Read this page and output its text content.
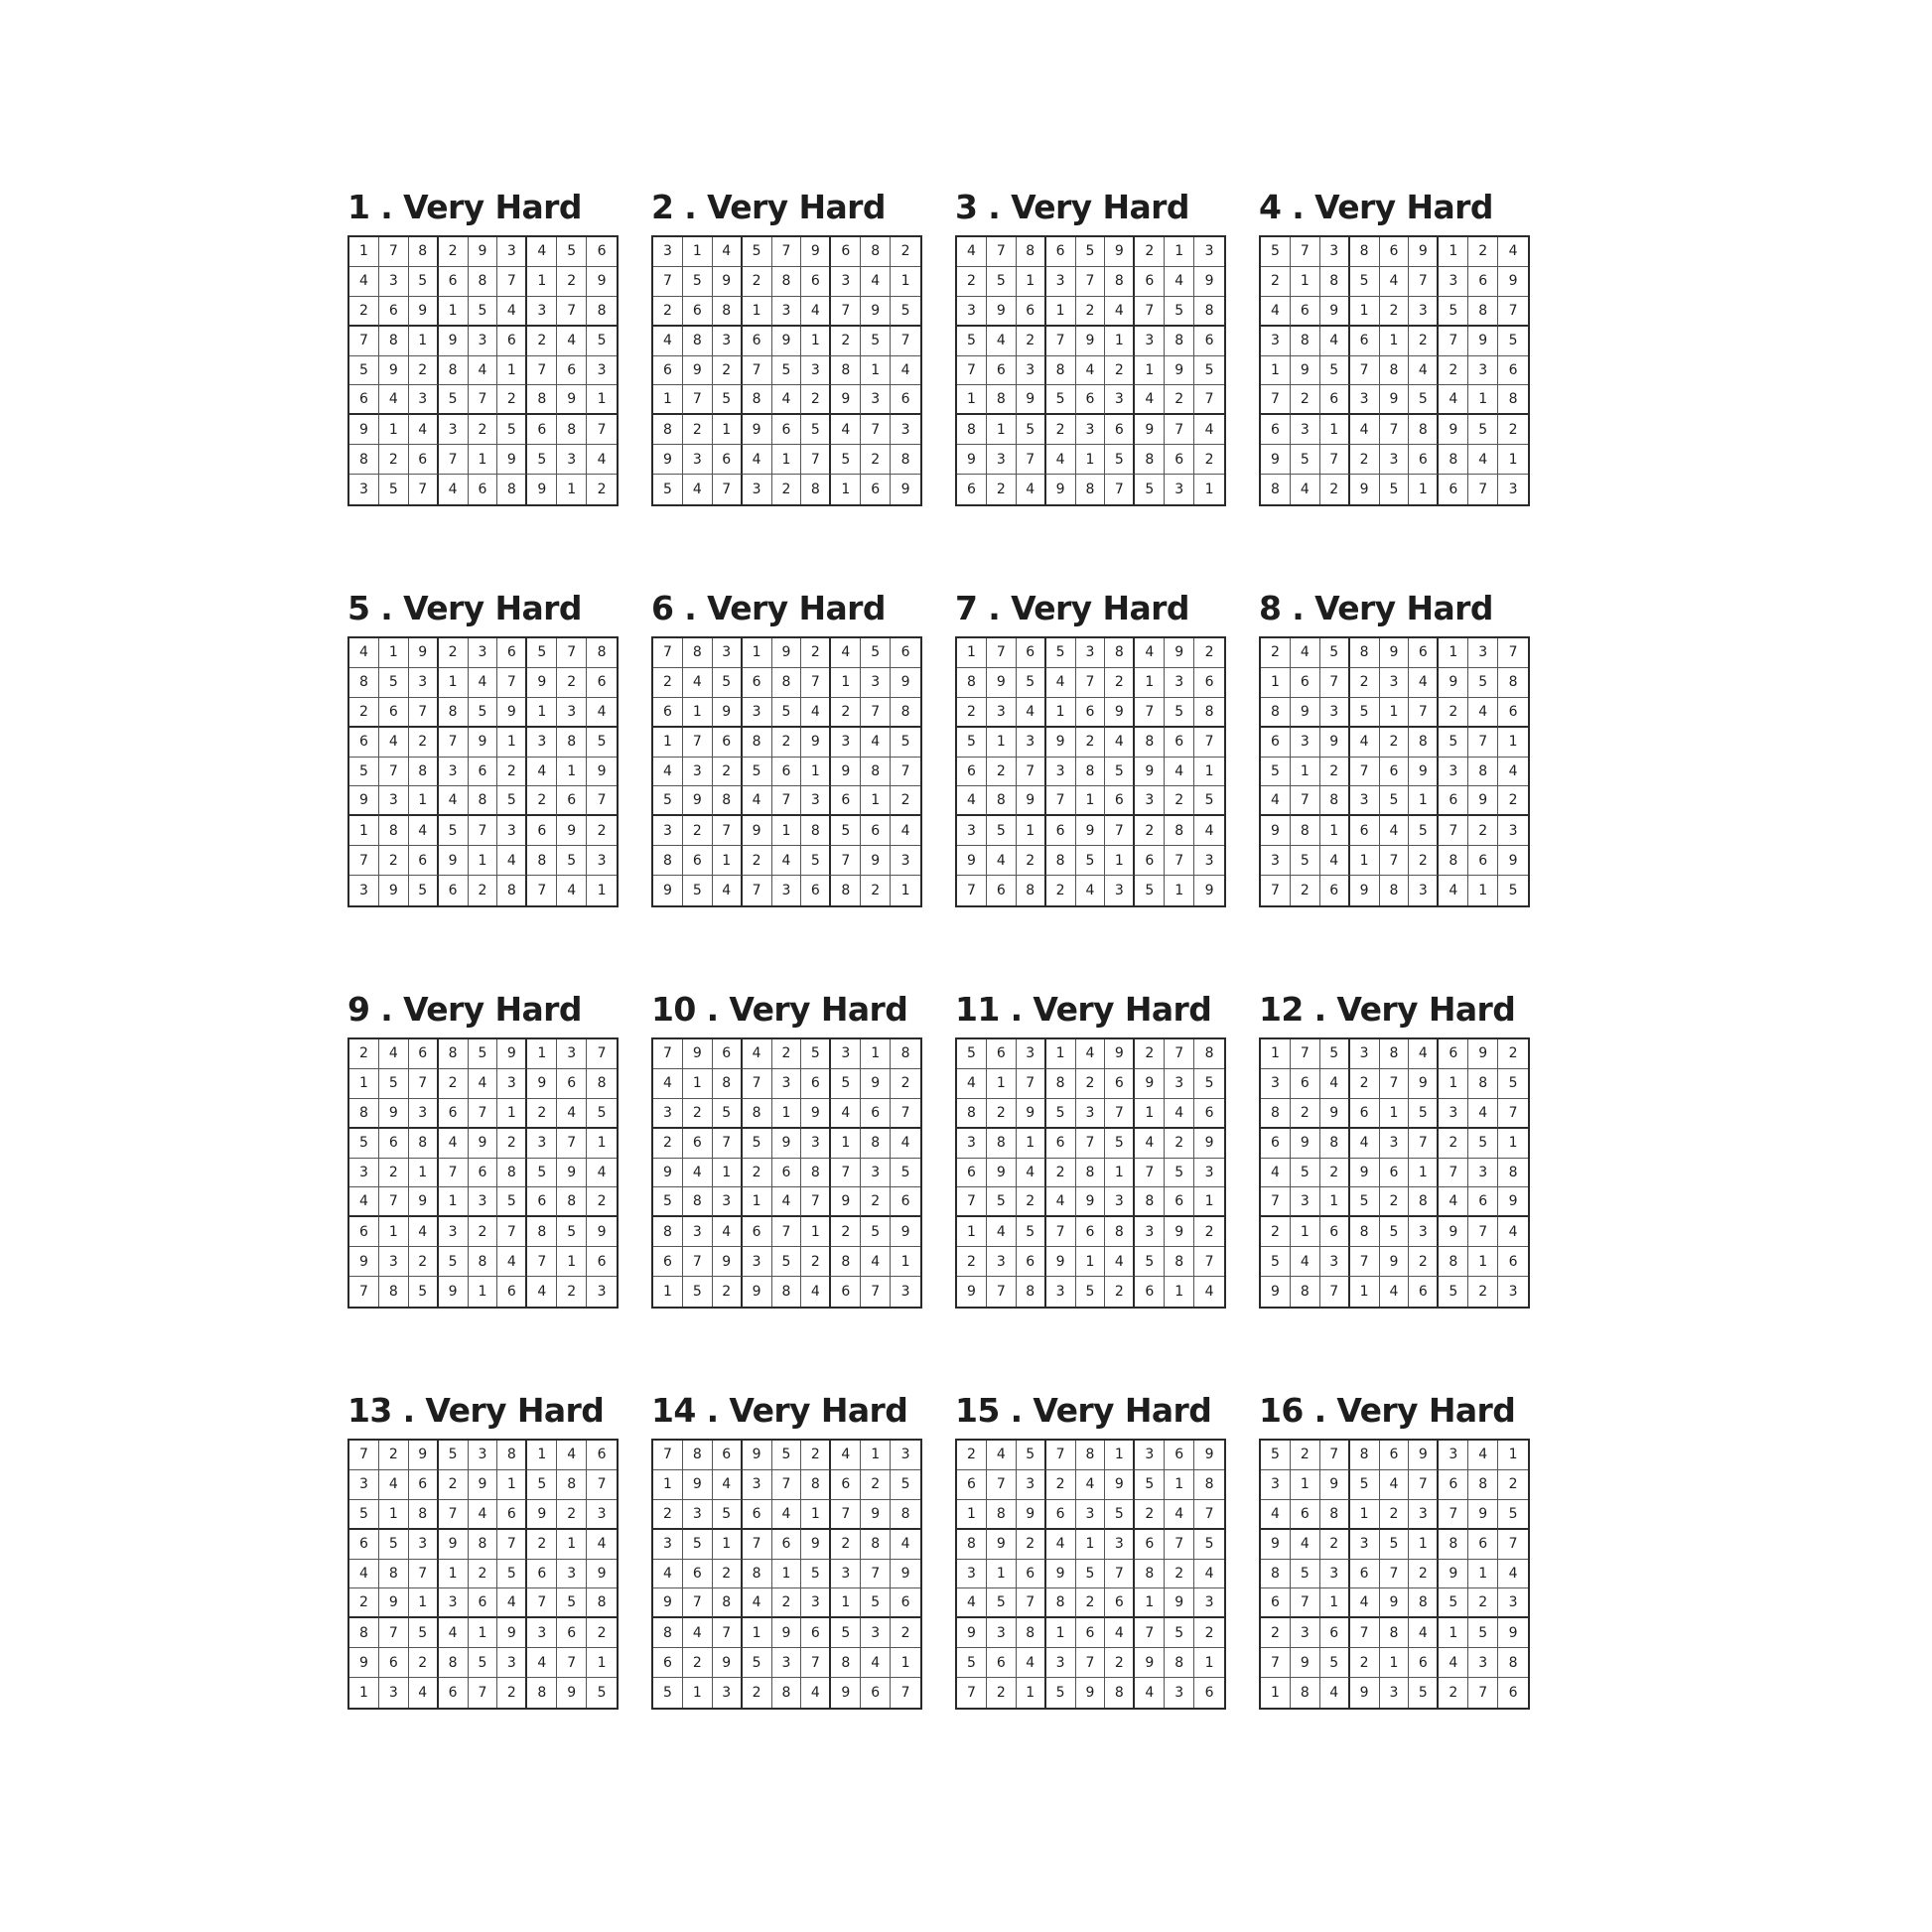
1 . Very Hard
1	7	8	2	9	3	4	5	6
4	3	5	6	8	7	1	2	9
2	6	9	1	5	4	3	7	8
7	8	1	9	3	6	2	4	5
5	9	2	8	4	1	7	6	3
6	4	3	5	7	2	8	9	1
9	1	4	3	2	5	6	8	7
8	2	6	7	1	9	5	3	4
3	5	7	4	6	8	9	1	2
2 . Very Hard
3	1	4	5	7	9	6	8	2
7	5	9	2	8	6	3	4	1
2	6	8	1	3	4	7	9	5
4	8	3	6	9	1	2	5	7
6	9	2	7	5	3	8	1	4
1	7	5	8	4	2	9	3	6
8	2	1	9	6	5	4	7	3
9	3	6	4	1	7	5	2	8
5	4	7	3	2	8	1	6	9
3 . Very Hard
4	7	8	6	5	9	2	1	3
2	5	1	3	7	8	6	4	9
3	9	6	1	2	4	7	5	8
5	4	2	7	9	1	3	8	6
7	6	3	8	4	2	1	9	5
1	8	9	5	6	3	4	2	7
8	1	5	2	3	6	9	7	4
9	3	7	4	1	5	8	6	2
6	2	4	9	8	7	5	3	1
4 . Very Hard
5	7	3	8	6	9	1	2	4
2	1	8	5	4	7	3	6	9
4	6	9	1	2	3	5	8	7
3	8	4	6	1	2	7	9	5
1	9	5	7	8	4	2	3	6
7	2	6	3	9	5	4	1	8
6	3	1	4	7	8	9	5	2
9	5	7	2	3	6	8	4	1
8	4	2	9	5	1	6	7	3
5 . Very Hard
4	1	9	2	3	6	5	7	8
8	5	3	1	4	7	9	2	6
2	6	7	8	5	9	1	3	4
6	4	2	7	9	1	3	8	5
5	7	8	3	6	2	4	1	9
9	3	1	4	8	5	2	6	7
1	8	4	5	7	3	6	9	2
7	2	6	9	1	4	8	5	3
3	9	5	6	2	8	7	4	1
6 . Very Hard
7	8	3	1	9	2	4	5	6
2	4	5	6	8	7	1	3	9
6	1	9	3	5	4	2	7	8
1	7	6	8	2	9	3	4	5
4	3	2	5	6	1	9	8	7
5	9	8	4	7	3	6	1	2
3	2	7	9	1	8	5	6	4
8	6	1	2	4	5	7	9	3
9	5	4	7	3	6	8	2	1
7 . Very Hard
1	7	6	5	3	8	4	9	2
8	9	5	4	7	2	1	3	6
2	3	4	1	6	9	7	5	8
5	1	3	9	2	4	8	6	7
6	2	7	3	8	5	9	4	1
4	8	9	7	1	6	3	2	5
3	5	1	6	9	7	2	8	4
9	4	2	8	5	1	6	7	3
7	6	8	2	4	3	5	1	9
8 . Very Hard
2	4	5	8	9	6	1	3	7
1	6	7	2	3	4	9	5	8
8	9	3	5	1	7	2	4	6
6	3	9	4	2	8	5	7	1
5	1	2	7	6	9	3	8	4
4	7	8	3	5	1	6	9	2
9	8	1	6	4	5	7	2	3
3	5	4	1	7	2	8	6	9
7	2	6	9	8	3	4	1	5
9 . Very Hard
2	4	6	8	5	9	1	3	7
1	5	7	2	4	3	9	6	8
8	9	3	6	7	1	2	4	5
5	6	8	4	9	2	3	7	1
3	2	1	7	6	8	5	9	4
4	7	9	1	3	5	6	8	2
6	1	4	3	2	7	8	5	9
9	3	2	5	8	4	7	1	6
7	8	5	9	1	6	4	2	3
10 . Very Hard
7	9	6	4	2	5	3	1	8
4	1	8	7	3	6	5	9	2
3	2	5	8	1	9	4	6	7
2	6	7	5	9	3	1	8	4
9	4	1	2	6	8	7	3	5
5	8	3	1	4	7	9	2	6
8	3	4	6	7	1	2	5	9
6	7	9	3	5	2	8	4	1
1	5	2	9	8	4	6	7	3
11 . Very Hard
5	6	3	1	4	9	2	7	8
4	1	7	8	2	6	9	3	5
8	2	9	5	3	7	1	4	6
3	8	1	6	7	5	4	2	9
6	9	4	2	8	1	7	5	3
7	5	2	4	9	3	8	6	1
1	4	5	7	6	8	3	9	2
2	3	6	9	1	4	5	8	7
9	7	8	3	5	2	6	1	4
12 . Very Hard
1	7	5	3	8	4	6	9	2
3	6	4	2	7	9	1	8	5
8	2	9	6	1	5	3	4	7
6	9	8	4	3	7	2	5	1
4	5	2	9	6	1	7	3	8
7	3	1	5	2	8	4	6	9
2	1	6	8	5	3	9	7	4
5	4	3	7	9	2	8	1	6
9	8	7	1	4	6	5	2	3
13 . Very Hard
7	2	9	5	3	8	1	4	6
3	4	6	2	9	1	5	8	7
5	1	8	7	4	6	9	2	3
6	5	3	9	8	7	2	1	4
4	8	7	1	2	5	6	3	9
2	9	1	3	6	4	7	5	8
8	7	5	4	1	9	3	6	2
9	6	2	8	5	3	4	7	1
1	3	4	6	7	2	8	9	5
14 . Very Hard
7	8	6	9	5	2	4	1	3
1	9	4	3	7	8	6	2	5
2	3	5	6	4	1	7	9	8
3	5	1	7	6	9	2	8	4
4	6	2	8	1	5	3	7	9
9	7	8	4	2	3	1	5	6
8	4	7	1	9	6	5	3	2
6	2	9	5	3	7	8	4	1
5	1	3	2	8	4	9	6	7
15 . Very Hard
2	4	5	7	8	1	3	6	9
6	7	3	2	4	9	5	1	8
1	8	9	6	3	5	2	4	7
8	9	2	4	1	3	6	7	5
3	1	6	9	5	7	8	2	4
4	5	7	8	2	6	1	9	3
9	3	8	1	6	4	7	5	2
5	6	4	3	7	2	9	8	1
7	2	1	5	9	8	4	3	6
16 . Very Hard
5	2	7	8	6	9	3	4	1
3	1	9	5	4	7	6	8	2
4	6	8	1	2	3	7	9	5
9	4	2	3	5	1	8	6	7
8	5	3	6	7	2	9	1	4
6	7	1	4	9	8	5	2	3
2	3	6	7	8	4	1	5	9
7	9	5	2	1	6	4	3	8
1	8	4	9	3	5	2	7	6
